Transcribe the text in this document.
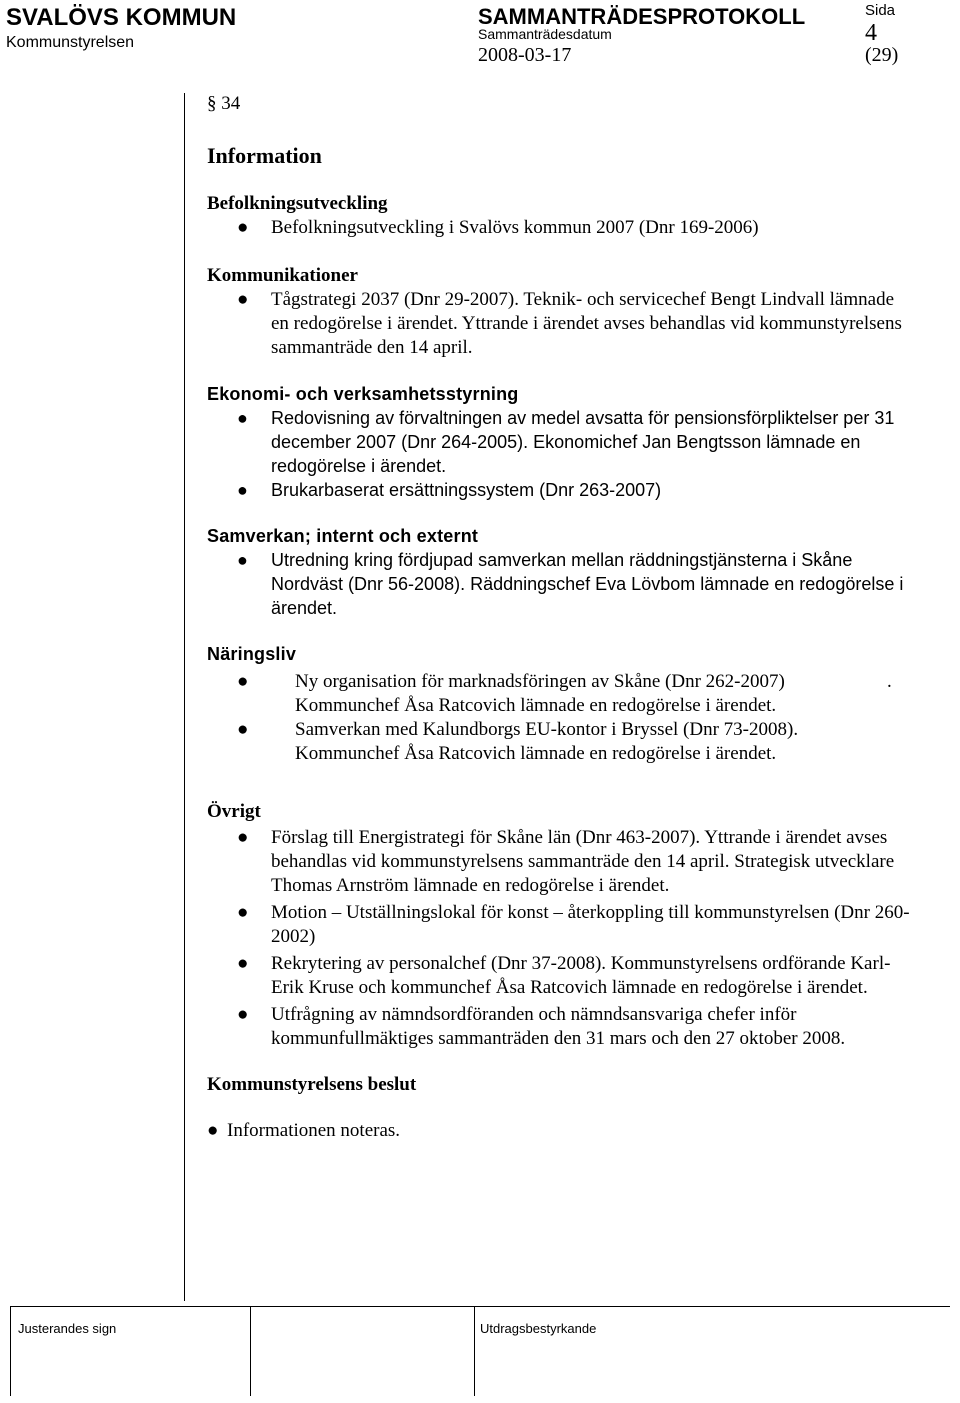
SVALÖVS KOMMUN
Kommunstyrelsen
SAMMANTRÄDESPROTOKOLL
Sammanträdesdatum
2008-03-17
Sida
4
(29)
§ 34
Information
Befolkningsutveckling
● Befolkningsutveckling i Svalövs kommun 2007 (Dnr 169-2006)
Kommunikationer
● Tågstrategi 2037 (Dnr 29-2007). Teknik- och servicechef Bengt Lindvall lämnade en redogörelse i ärendet. Yttrande i ärendet avses behandlas vid kommunstyrelsens sammanträde den 14 april.
Ekonomi- och verksamhetsstyrning
● Redovisning av förvaltningen av medel avsatta för pensionsförpliktelser per 31 december 2007 (Dnr 264-2005). Ekonomichef Jan Bengtsson lämnade en redogörelse i ärendet.
● Brukarbaserat ersättningssystem (Dnr 263-2007)
Samverkan; internt och externt
● Utredning kring fördjupad samverkan mellan räddningstjänsterna i Skåne Nordväst (Dnr 56-2008). Räddningschef Eva Lövbom lämnade en redogörelse i ärendet.
Näringsliv
● Ny organisation för marknadsföringen av Skåne (Dnr 262-2007)	.

Kommunchef Åsa Ratcovich lämnade en redogörelse i ärendet.
● Samverkan med Kalundborgs EU-kontor i Bryssel (Dnr 73-2008).
Kommunchef Åsa Ratcovich lämnade en redogörelse i ärendet.
Övrigt
● Förslag till Energistrategi för Skåne län (Dnr 463-2007). Yttrande i ärendet avses behandlas vid kommunstyrelsens sammanträde den 14 april. Strategisk utvecklare Thomas Arnström lämnade en redogörelse i ärendet.
● Motion – Utställningslokal för konst – återkoppling till kommunstyrelsen (Dnr 260-2002)
● Rekrytering av personalchef (Dnr 37-2008). Kommunstyrelsens ordförande Karl-Erik Kruse och kommunchef Åsa Ratcovich lämnade en redogörelse i ärendet.
● Utfrågning av nämndsordföranden och nämndsansvariga chefer inför kommunfullmäktiges sammanträden den 31 mars och den 27 oktober 2008.
Kommunstyrelsens beslut
● Informationen noteras.
Justerandes sign	Utdragsbestyrkande
